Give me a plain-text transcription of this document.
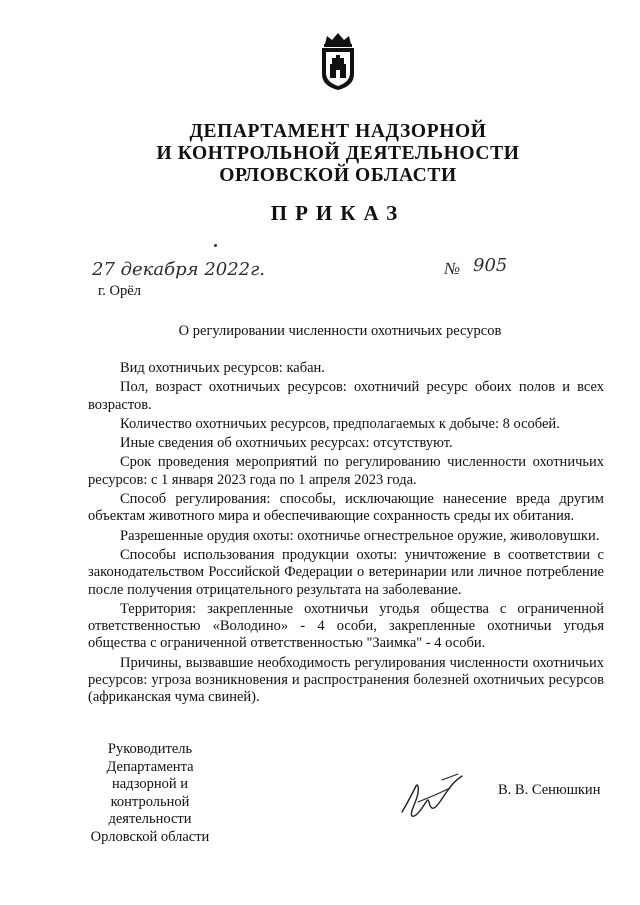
ДЕПАРТАМЕНТ НАДЗОРНОЙ
И КОНТРОЛЬНОЙ ДЕЯТЕЛЬНОСТИ
ОРЛОВСКОЙ ОБЛАСТИ
ПРИКАЗ
27 декабря 2022г.
г. Орёл
№ 905
О регулировании численности охотничьих ресурсов

Вид охотничьих ресурсов: кабан.

Пол, возраст охотничьих ресурсов: охотничий ресурс обоих полов и всех возрастов.

Количество охотничьих ресурсов, предполагаемых к добыче: 8 особей.

Иные сведения об охотничьих ресурсах: отсутствуют.

Срок проведения мероприятий по регулированию численности охотничьих ресурсов: с 1 января 2023 года по 1 апреля 2023 года.

Способ регулирования: способы, исключающие нанесение вреда другим объектам животного мира и обеспечивающие сохранность среды их обитания.

Разрешенные орудия охоты: охотничье огнестрельное оружие, живоловушки.

Способы использования продукции охоты: уничтожение в соответствии с законодательством Российской Федерации о ветеринарии или личное потребление после получения отрицательного результата на заболевание.

Территория: закрепленные охотничьи угодья общества с ограниченной ответственностью «Володино» - 4 особи, закрепленные охотничьи угодья общества с ограниченной ответственностью "Заимка" - 4 особи.

Причины, вызвавшие необходимость регулирования численности охотничьих ресурсов: угроза возникновения и распространения болезней охотничьих ресурсов (африканская чума свиней).

Руководитель
Департамента
надзорной и
контрольной
деятельности
Орловской области
В. В. Сенюшкин
